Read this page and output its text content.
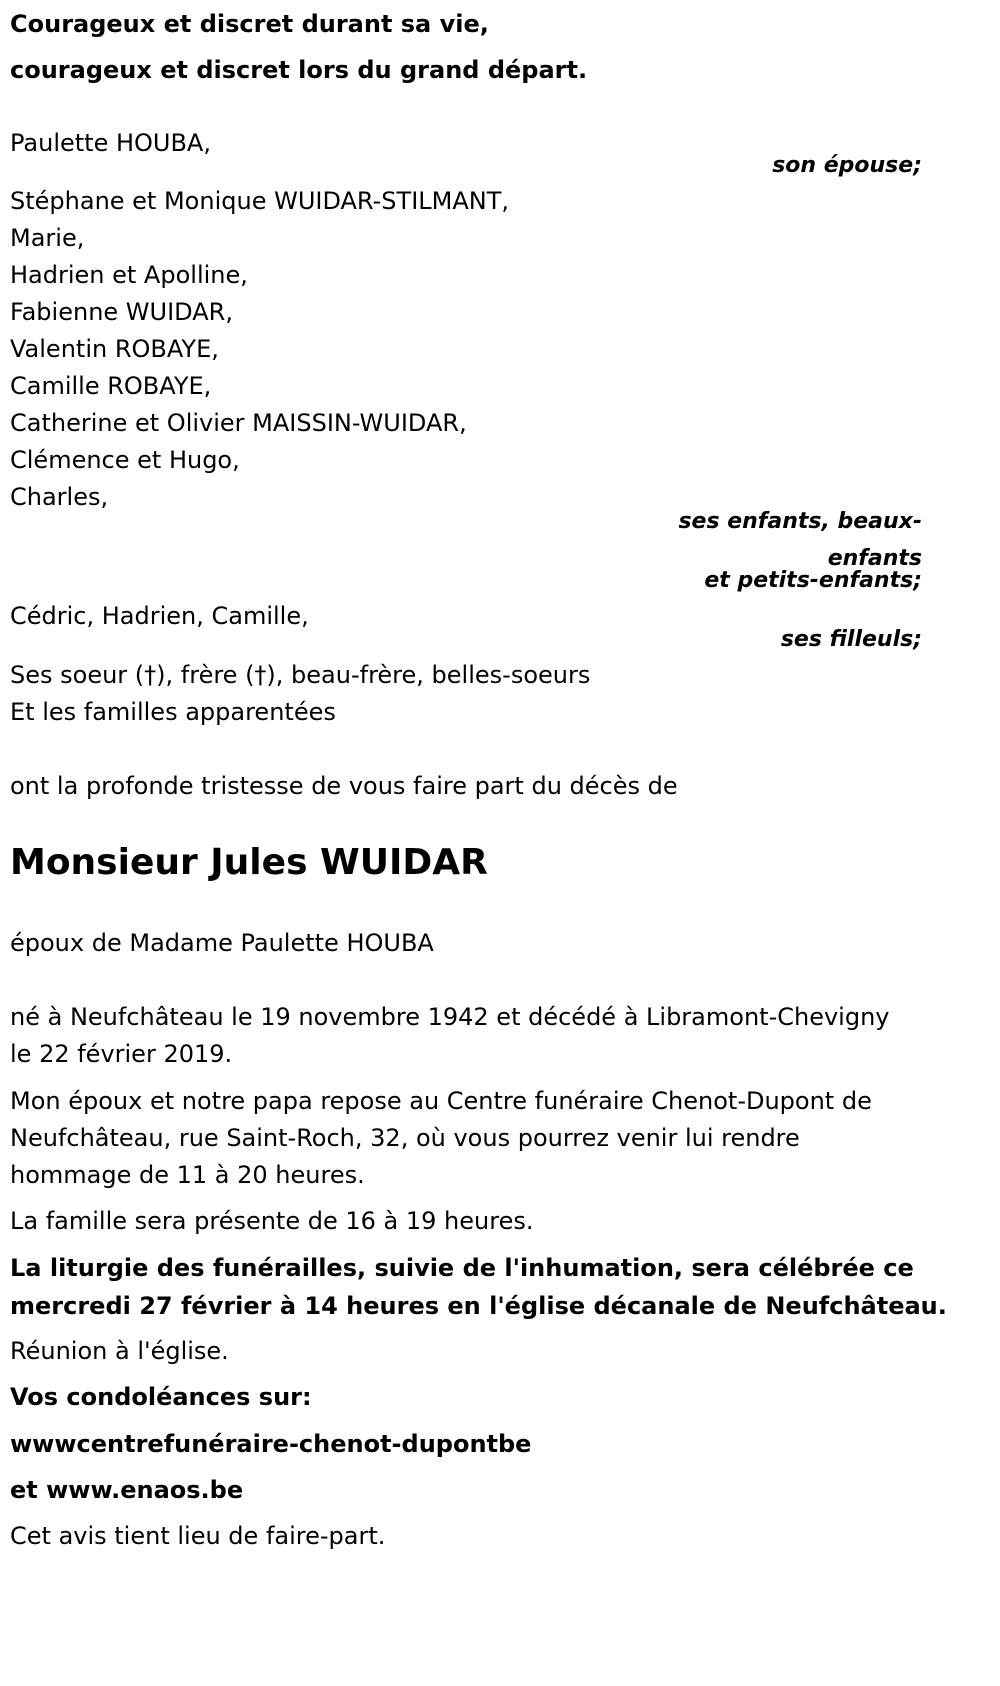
Courageux et discret durant sa vie,
courageux et discret lors du grand départ.
Paulette HOUBA,
son épouse;
Stéphane et Monique WUIDAR-STILMANT,
Marie,
Hadrien et Apolline,
Fabienne WUIDAR,
Valentin ROBAYE,
Camille ROBAYE,
Catherine et Olivier MAISSIN-WUIDAR,
Clémence et Hugo,
Charles,
ses enfants, beaux-
enfants
et petits-enfants;
Cédric, Hadrien, Camille,
ses filleuls;
Ses soeur (†), frère (†), beau-frère, belles-soeurs
Et les familles apparentées
ont la profonde tristesse de vous faire part du décès de
Monsieur Jules WUIDAR
époux de Madame Paulette HOUBA
né à Neufchâteau le 19 novembre 1942 et décédé à Libramont-Chevigny
le 22 février 2019.
Mon époux et notre papa repose au Centre funéraire Chenot-Dupont de
Neufchâteau, rue Saint-Roch, 32, où vous pourrez venir lui rendre
hommage de 11 à 20 heures.
La famille sera présente de 16 à 19 heures.
La liturgie des funérailles, suivie de l'inhumation, sera célébrée ce
mercredi 27 février à 14 heures en l'église décanale de Neufchâteau.
Réunion à l'église.
Vos condoléances sur:
wwwcentrefunéraire-chenot-dupontbe
et www.enaos.be
Cet avis tient lieu de faire-part.
